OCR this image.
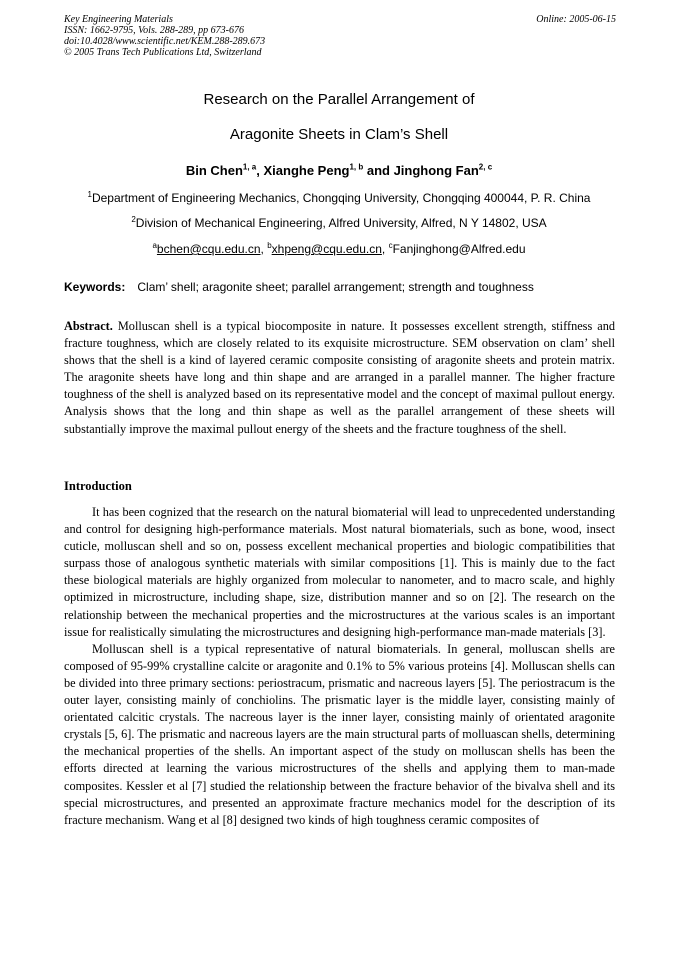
Key Engineering Materials
ISSN: 1662-9795, Vols. 288-289, pp 673-676
doi:10.4028/www.scientific.net/KEM.288-289.673
© 2005 Trans Tech Publications Ltd, Switzerland
Online: 2005-06-15
Research on the Parallel Arrangement of
Aragonite Sheets in Clam’s Shell
Bin Chen$^{1, a}$, Xianghe Peng$^{1, b}$ and Jinghong Fan$^{2, c}$
$^1$Department of Engineering Mechanics, Chongqing University, Chongqing 400044, P. R. China
$^2$Division of Mechanical Engineering, Alfred University, Alfred, N Y 14802, USA
$^a$bchen@cqu.edu.cn, $^b$xhpeng@cqu.edu.cn, $^c$Fanjinghong@Alfred.edu
Keywords: Clam’ shell; aragonite sheet; parallel arrangement; strength and toughness
Abstract. Molluscan shell is a typical biocomposite in nature. It possesses excellent strength, stiffness and fracture toughness, which are closely related to its exquisite microstructure. SEM observation on clam’ shell shows that the shell is a kind of layered ceramic composite consisting of aragonite sheets and protein matrix. The aragonite sheets have long and thin shape and are arranged in a parallel manner. The higher fracture toughness of the shell is analyzed based on its representative model and the concept of maximal pullout energy. Analysis shows that the long and thin shape as well as the parallel arrangement of these sheets will substantially improve the maximal pullout energy of the sheets and the fracture toughness of the shell.
Introduction

It has been cognized that the research on the natural biomaterial will lead to unprecedented understanding and control for designing high-performance materials. Most natural biomaterials, such as bone, wood, insect cuticle, molluscan shell and so on, possess excellent mechanical properties and biologic compatibilities that surpass those of analogous synthetic materials with similar compositions [1]. This is mainly due to the fact these biological materials are highly organized from molecular to nanometer, and to macro scale, and highly optimized in microstructure, including shape, size, distribution manner and so on [2]. The research on the relationship between the mechanical properties and the microstructures at the various scales is an important issue for realistically simulating the microstructures and designing high-performance man-made materials [3].

Molluscan shell is a typical representative of natural biomaterials. In general, molluscan shells are composed of 95-99% crystalline calcite or aragonite and 0.1% to 5% various proteins [4]. Molluscan shells can be divided into three primary sections: periostracum, prismatic and nacreous layers [5]. The periostracum is the outer layer, consisting mainly of conchiolins. The prismatic layer is the middle layer, consisting mainly of orientated calcitic crystals. The nacreous layer is the inner layer, consisting mainly of orientated aragonite crystals [5, 6]. The prismatic and nacreous layers are the main structural parts of molluascan shells, determining the mechanical properties of the shells. An important aspect of the study on molluscan shells has been the efforts directed at learning the various microstructures of the shells and applying them to man-made composites. Kessler et al [7] studied the relationship between the fracture behavior of the bivalva shell and its special microstructures, and presented an approximate fracture mechanics model for the description of its fracture mechanism. Wang et al [8] designed two kinds of high toughness ceramic composites of
